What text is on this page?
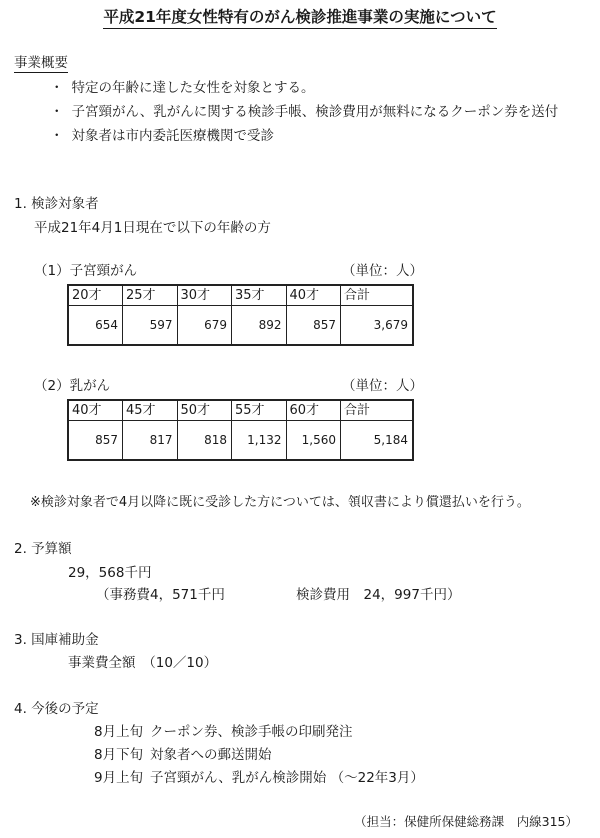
平成21年度女性特有のがん検診推進事業の実施について
事業概要
・ 特定の年齢に達した女性を対象とする。
・ 子宮頸がん、乳がんに関する検診手帳、検診費用が無料になるクーポン券を送付
・ 対象者は市内委託医療機関で受診
1. 検診対象者
平成21年4月1日現在で以下の年齢の方
（1）子宮頸がん	（単位：人）
20才	25才	30才	35才	40才	合計
654	597	679	892	857	3,679
（2）乳がん	（単位：人）
40才	45才	50才	55才	60才	合計
857	817	818	1,132	1,560	5,184
※検診対象者で4月以降に既に受診した方については、領収書により償還払いを行う。
2. 予算額
29，568千円
（事務費4，571千円	検診費用　24，997千円）
3. 国庫補助金
事業費全額　（10／10）
4. 今後の予定
8月上旬 クーポン券、検診手帳の印刷発注
8月下旬 対象者への郵送開始
9月上旬 子宮頸がん、乳がん検診開始 （～22年3月）
（担当：保健所保健総務課　内線315）
